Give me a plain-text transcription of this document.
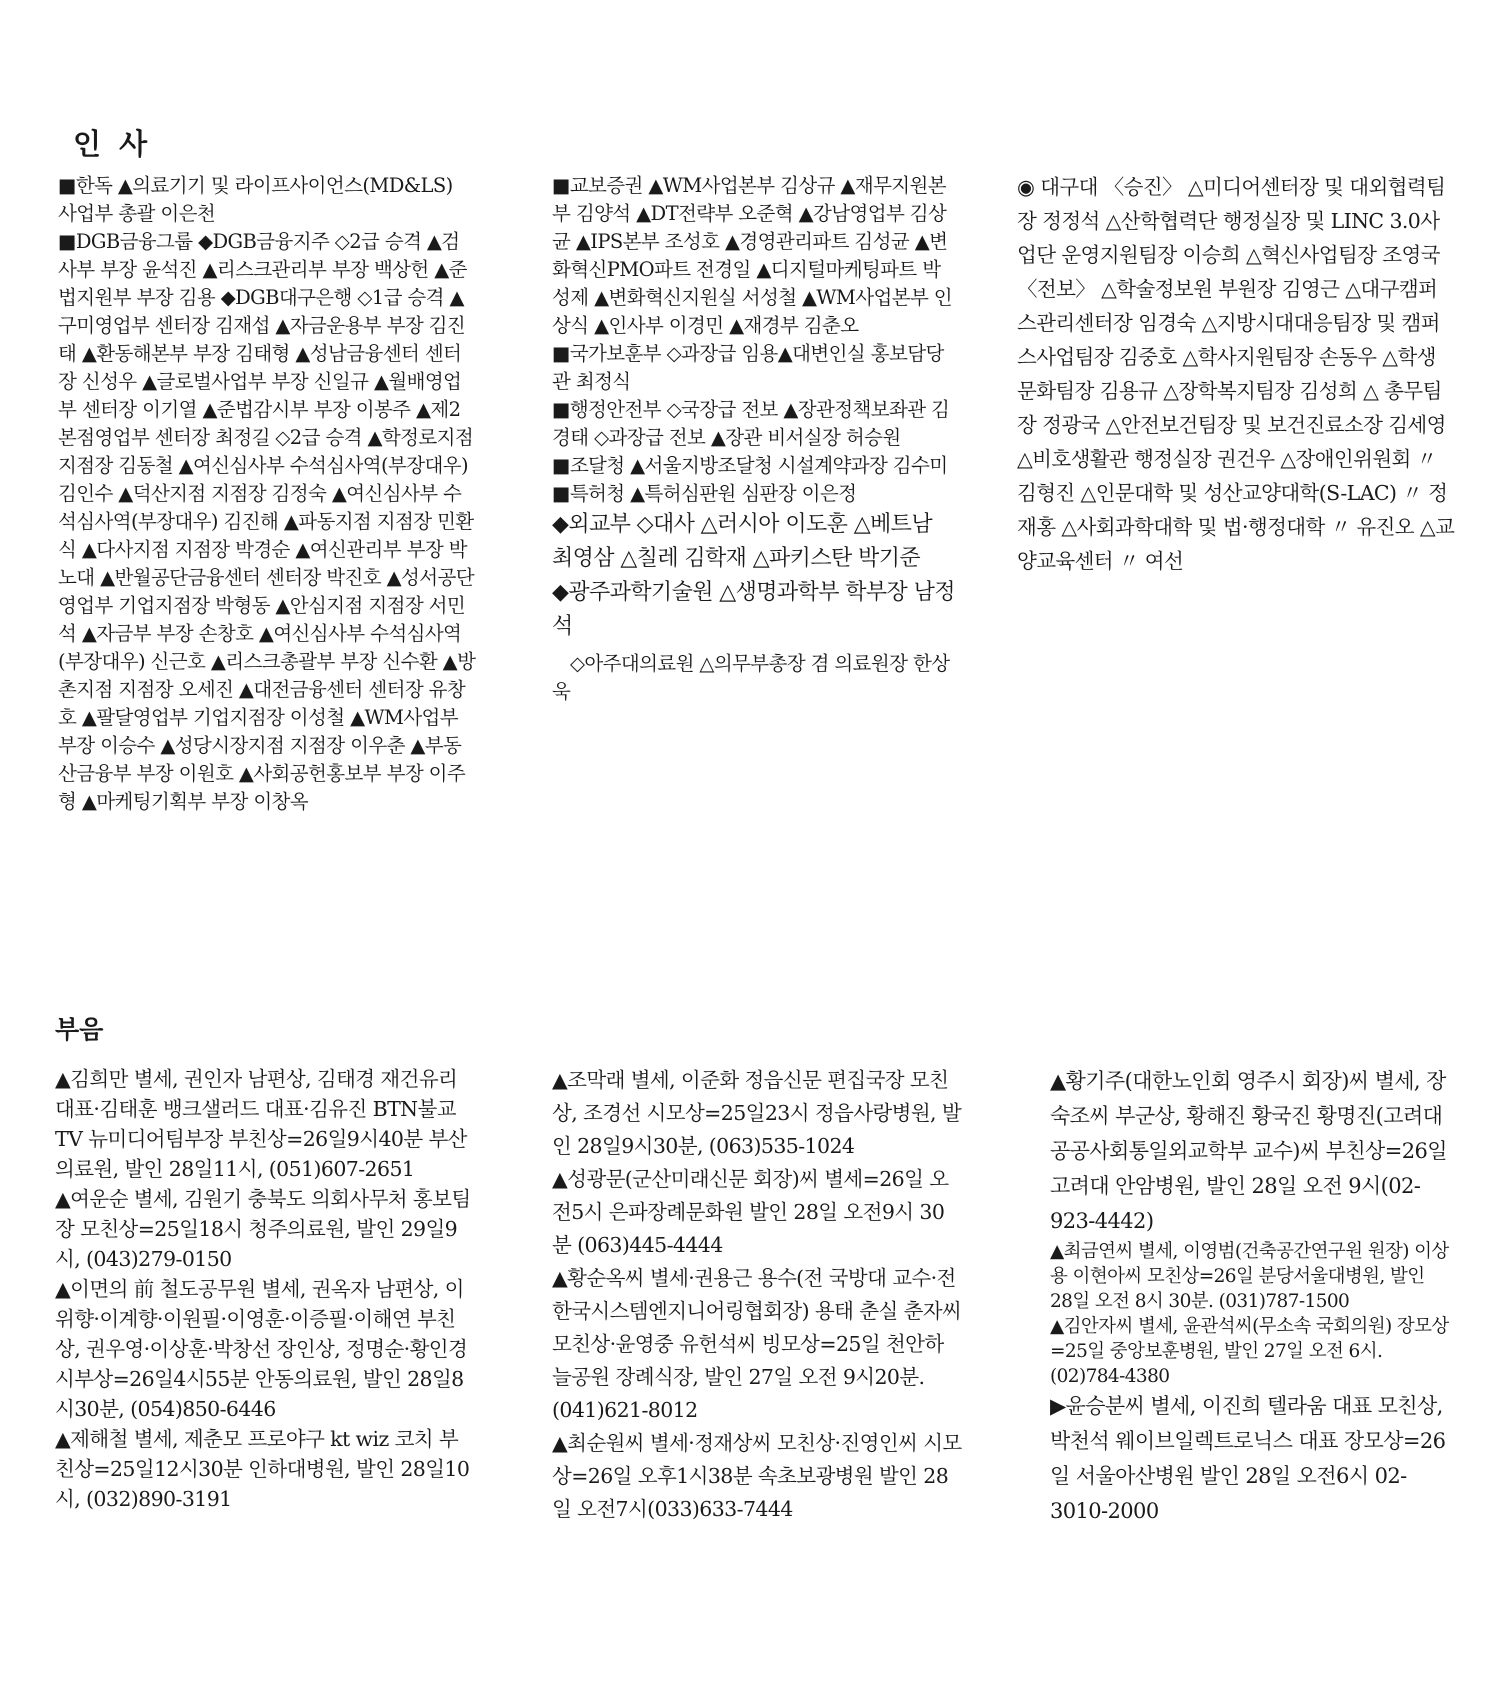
인 사

■한독 ▲의료기기 및 라이프사이언스(MD&LS) 사업부 총괄 이은천

■DGB금융그룹 ◆DGB금융지주 ◇2급 승격 ▲검사부 부장 윤석진 ▲리스크관리부 부장 백상헌 ▲준법지원부 부장 김용 ◆DGB대구은행 ◇1급 승격 ▲구미영업부 센터장 김재섭 ▲자금운용부 부장 김진태 ▲환동해본부 부장 김태형 ▲성남금융센터 센터장 신성우 ▲글로벌사업부 부장 신일규 ▲월배영업부 센터장 이기열 ▲준법감시부 부장 이봉주 ▲제2본점영업부 센터장 최정길 ◇2급 승격 ▲학정로지점 지점장 김동철 ▲여신심사부 수석심사역(부장대우) 김인수 ▲덕산지점 지점장 김정숙 ▲여신심사부 수석심사역(부장대우) 김진해 ▲파동지점 지점장 민환식 ▲다사지점 지점장 박경순 ▲여신관리부 부장 박노대 ▲반월공단금융센터 센터장 박진호 ▲성서공단영업부 기업지점장 박형동 ▲안심지점 지점장 서민석 ▲자금부 부장 손창호 ▲여신심사부 수석심사역(부장대우) 신근호 ▲리스크총괄부 부장 신수환 ▲방촌지점 지점장 오세진 ▲대전금융센터 센터장 유창호 ▲팔달영업부 기업지점장 이성철 ▲WM사업부 부장 이승수 ▲성당시장지점 지점장 이우춘 ▲부동산금융부 부장 이원호 ▲사회공헌홍보부 부장 이주형 ▲마케팅기획부 부장 이창옥

■교보증권 ▲WM사업본부 김상규 ▲재무지원본부 김양석 ▲DT전략부 오준혁 ▲강남영업부 김상균 ▲IPS본부 조성호 ▲경영관리파트 김성균 ▲변화혁신PMO파트 전경일 ▲디지털마케팅파트 박성제 ▲변화혁신지원실 서성철 ▲WM사업본부 인상식 ▲인사부 이경민 ▲재경부 김춘오

■국가보훈부 ◇과장급 임용▲대변인실 홍보담당관 최정식

■행정안전부 ◇국장급 전보 ▲장관정책보좌관 김경태 ◇과장급 전보 ▲장관 비서실장 허승원

■조달청 ▲서울지방조달청 시설계약과장 김수미

■특허청 ▲특허심판원 심판장 이은정

◆외교부 ◇대사 △러시아 이도훈 △베트남 최영삼 △칠레 김학재 △파키스탄 박기준

◆광주과학기술원 △생명과학부 학부장 남정석

◇아주대의료원 △의무부총장 겸 의료원장 한상욱

◉ 대구대 〈승진〉 △미디어센터장 및 대외협력팀장 정정석 △산학협력단 행정실장 및 LINC 3.0사업단 운영지원팀장 이승희 △혁신사업팀장 조영국 〈전보〉 △학술정보원 부원장 김영근 △대구캠퍼스관리센터장 임경숙 △지방시대대응팀장 및 캠퍼스사업팀장 김중호 △학사지원팀장 손동우 △학생문화팀장 김용규 △장학복지팀장 김성희 △ 총무팀장 정광국 △안전보건팀장 및 보건진료소장 김세영 △비호생활관 행정실장 권건우 △장애인위원회 〃 김형진 △인문대학 및 성산교양대학(S-LAC) 〃 정재홍 △사회과학대학 및 법·행정대학 〃 유진오 △교양교육센터 〃 여선

부음

▲김희만 별세, 권인자 남편상, 김태경 재건유리 대표·김태훈 뱅크샐러드 대표·김유진 BTN불교TV 뉴미디어팀부장 부친상=26일9시40분 부산의료원, 발인 28일11시, (051)607-2651

▲여운순 별세, 김원기 충북도 의회사무처 홍보팀장 모친상=25일18시 청주의료원, 발인 29일9시, (043)279-0150

▲이면의 前 철도공무원 별세, 권옥자 남편상, 이위향·이계향·이원필·이영훈·이증필·이해연 부친상, 권우영·이상훈·박창선 장인상, 정명순·황인경 시부상=26일4시55분 안동의료원, 발인 28일8시30분, (054)850-6446

▲제해철 별세, 제춘모 프로야구 kt wiz 코치 부친상=25일12시30분 인하대병원, 발인 28일10시, (032)890-3191

▲조막래 별세, 이준화 정읍신문 편집국장 모친상, 조경선 시모상=25일23시 정읍사랑병원, 발인 28일9시30분, (063)535-1024

▲성광문(군산미래신문 회장)씨 별세=26일 오전5시 은파장례문화원 발인 28일 오전9시 30분 (063)445-4444

▲황순옥씨 별세·권용근 용수(전 국방대 교수·전 한국시스템엔지니어링협회장) 용태 춘실 춘자씨 모친상·윤영중 유헌석씨 빙모상=25일 천안하늘공원 장례식장, 발인 27일 오전 9시20분. (041)621-8012

▲최순원씨 별세·정재상씨 모친상·진영인씨 시모상=26일 오후1시38분 속초보광병원 발인 28일 오전7시(033)633-7444

▲황기주(대한노인회 영주시 회장)씨 별세, 장숙조씨 부군상, 황해진 황국진 황명진(고려대 공공사회통일외교학부 교수)씨 부친상=26일 고려대 안암병원, 발인 28일 오전 9시(02-923-4442)

▲최금연씨 별세, 이영범(건축공간연구원 원장) 이상용 이현아씨 모친상=26일 분당서울대병원, 발인 28일 오전 8시 30분. (031)787-1500

▲김안자씨 별세, 윤관석씨(무소속 국회의원) 장모상=25일 중앙보훈병원, 발인 27일 오전 6시. (02)784-4380

▶윤승분씨 별세, 이진희 텔라움 대표 모친상, 박천석 웨이브일렉트로닉스 대표 장모상=26일 서울아산병원 발인 28일 오전6시 02-3010-2000
